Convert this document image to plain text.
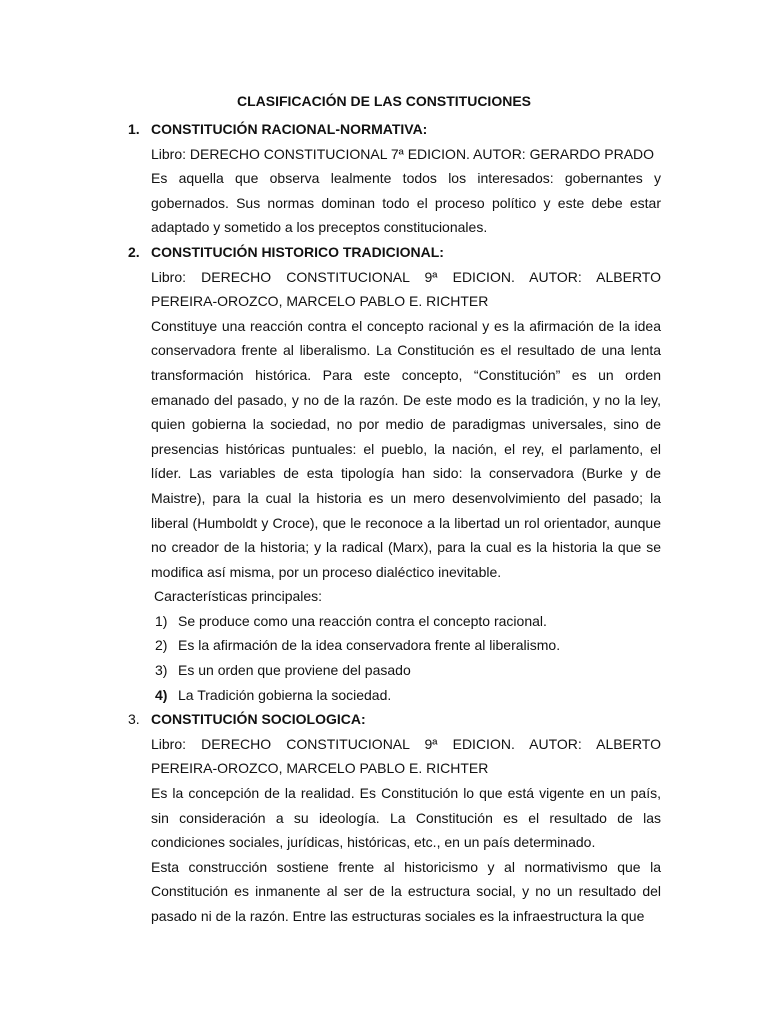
CLASIFICACIÓN DE LAS CONSTITUCIONES
1. CONSTITUCIÓN RACIONAL-NORMATIVA:

Libro: DERECHO CONSTITUCIONAL 7ª EDICION. AUTOR: GERARDO PRADO

Es aquella que observa lealmente todos los interesados: gobernantes y gobernados. Sus normas dominan todo el proceso político y este debe estar adaptado y sometido a los preceptos constitucionales.

2. CONSTITUCIÓN HISTORICO TRADICIONAL:

Libro: DERECHO CONSTITUCIONAL 9ª EDICION. AUTOR: ALBERTO PEREIRA-OROZCO, MARCELO PABLO E. RICHTER

Constituye una reacción contra el concepto racional y es la afirmación de la idea conservadora frente al liberalismo. La Constitución es el resultado de una lenta transformación histórica. Para este concepto, “Constitución” es un orden emanado del pasado, y no de la razón. De este modo es la tradición, y no la ley, quien gobierna la sociedad, no por medio de paradigmas universales, sino de presencias históricas puntuales: el pueblo, la nación, el rey, el parlamento, el líder. Las variables de esta tipología han sido: la conservadora (Burke y de Maistre), para la cual la historia es un mero desenvolvimiento del pasado; la liberal (Humboldt y Croce), que le reconoce a la libertad un rol orientador, aunque no creador de la historia; y la radical (Marx), para la cual es la historia la que se modifica así misma, por un proceso dialéctico inevitable.

Características principales:

1) Se produce como una reacción contra el concepto racional.
2) Es la afirmación de la idea conservadora frente al liberalismo.
3) Es un orden que proviene del pasado
4) La Tradición gobierna la sociedad.
3. CONSTITUCIÓN SOCIOLOGICA:

Libro: DERECHO CONSTITUCIONAL 9ª EDICION. AUTOR: ALBERTO PEREIRA-OROZCO, MARCELO PABLO E. RICHTER

Es la concepción de la realidad. Es Constitución lo que está vigente en un país, sin consideración a su ideología. La Constitución es el resultado de las condiciones sociales, jurídicas, históricas, etc., en un país determinado.

Esta construcción sostiene frente al historicismo y al normativismo que la Constitución es inmanente al ser de la estructura social, y no un resultado del pasado ni de la razón. Entre las estructuras sociales es la infraestructura la que
